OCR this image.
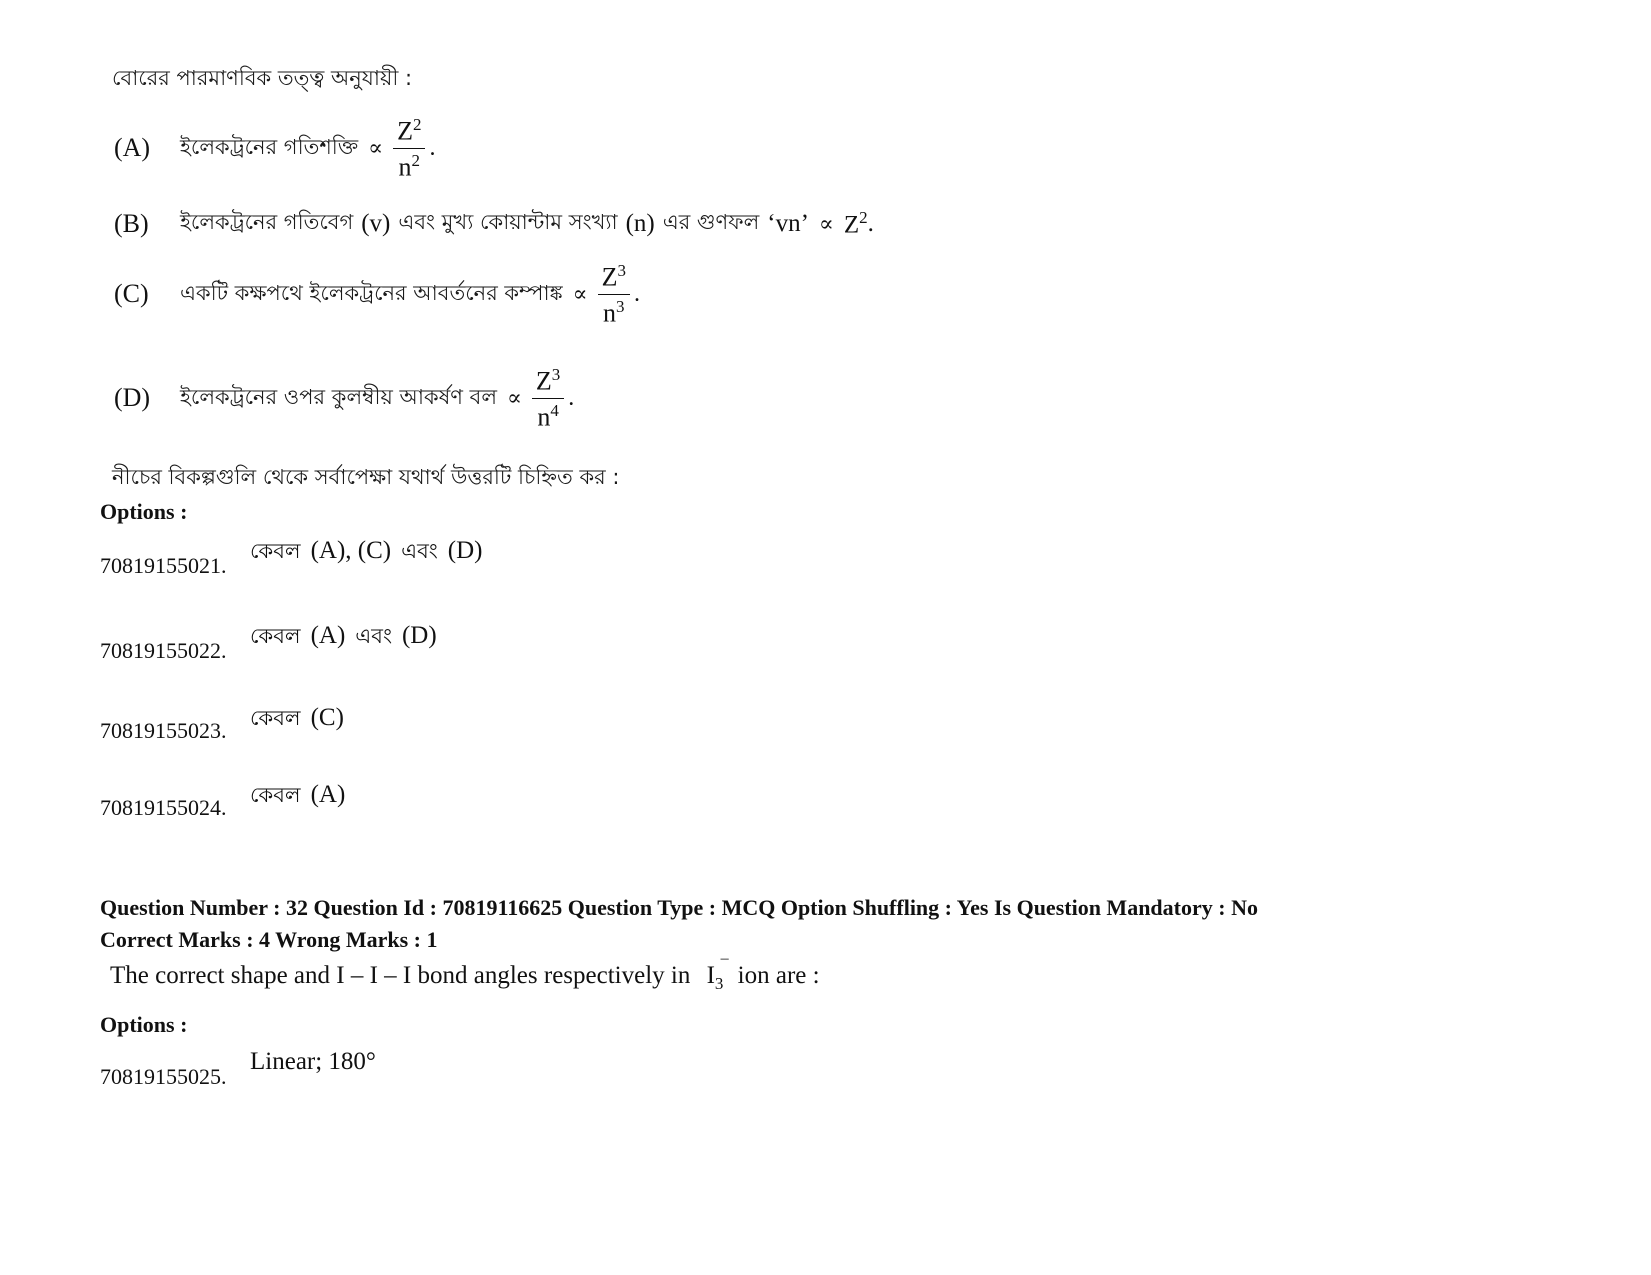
বোরের পারমাণবিক তত্ত্ব অনুযায়ী :
(A)	ইলেকট্রনের গতিশক্তি ∝ $\frac{Z^2}{n^2}$ .
(B)	ইলেকট্রনের গতিবেগ (v) এবং মুখ্য কোয়ান্টাম সংখ্যা (n) এর গুণফল ‘vn’ ∝ $Z^2$ .
(C)	একটি কক্ষপথে ইলেকট্রনের আবর্তনের কম্পাঙ্ক ∝ $\frac{Z^3}{n^3}$ .
(D)	ইলেকট্রনের ওপর কুলম্বীয় আকর্ষণ বল ∝ $\frac{Z^3}{n^4}$ .
নীচের বিকল্পগুলি থেকে সর্বাপেক্ষা যথার্থ উত্তরটি চিহ্নিত কর :
Options :
70819155021.
কেবল (A), (C) এবং (D)
70819155022.
কেবল (A) এবং (D)
70819155023. কেবল (C)
70819155024. কেবল (A)
Question Number : 32 Question Id : 70819116625 Question Type : MCQ Option Shuffling : Yes Is Question Mandatory : No
Correct Marks : 4 Wrong Marks : 1
The correct shape and I – I – I bond angles respectively in $I_3$
–
ion are :
Options :
70819155025.
Linear; 180°
